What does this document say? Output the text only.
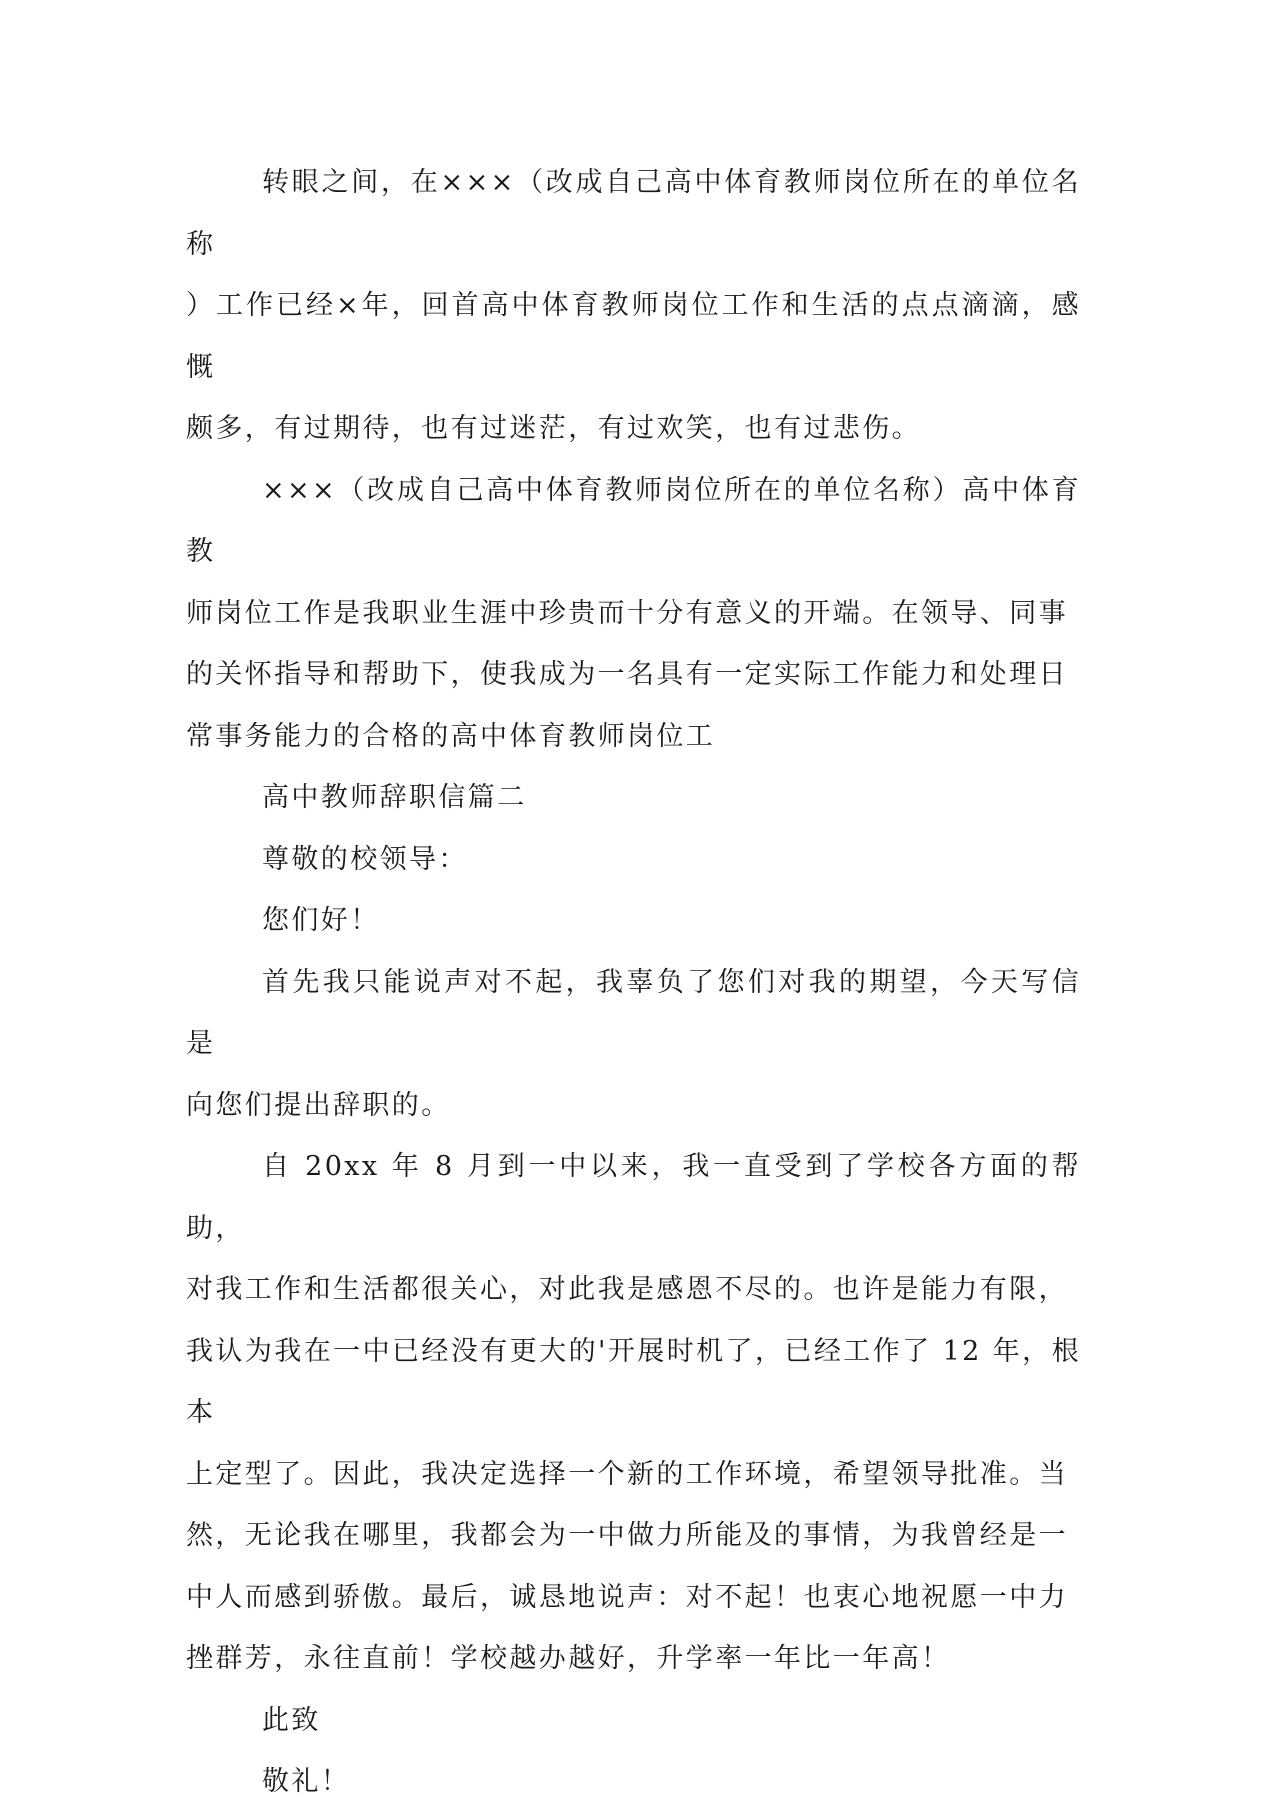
转眼之间，在×××（改成自己高中体育教师岗位所在的单位名称
）工作已经×年，回首高中体育教师岗位工作和生活的点点滴滴，感慨
颇多，有过期待，也有过迷茫，有过欢笑，也有过悲伤。

×××（改成自己高中体育教师岗位所在的单位名称）高中体育教
师岗位工作是我职业生涯中珍贵而十分有意义的开端。在领导、同事
的关怀指导和帮助下，使我成为一名具有一定实际工作能力和处理日
常事务能力的合格的高中体育教师岗位工

高中教师辞职信篇二

尊敬的校领导：

您们好！

首先我只能说声对不起，我辜负了您们对我的期望，今天写信是
向您们提出辞职的。

自 20xx 年 8 月到一中以来，我一直受到了学校各方面的帮助，
对我工作和生活都很关心，对此我是感恩不尽的。也许是能力有限，
我认为我在一中已经没有更大的'开展时机了，已经工作了 12 年，根本
上定型了。因此，我决定选择一个新的工作环境，希望领导批准。当
然，无论我在哪里，我都会为一中做力所能及的事情，为我曾经是一
中人而感到骄傲。最后，诚恳地说声：对不起！也衷心地祝愿一中力
挫群芳，永往直前！学校越办越好，升学率一年比一年高！

此致

敬礼！
